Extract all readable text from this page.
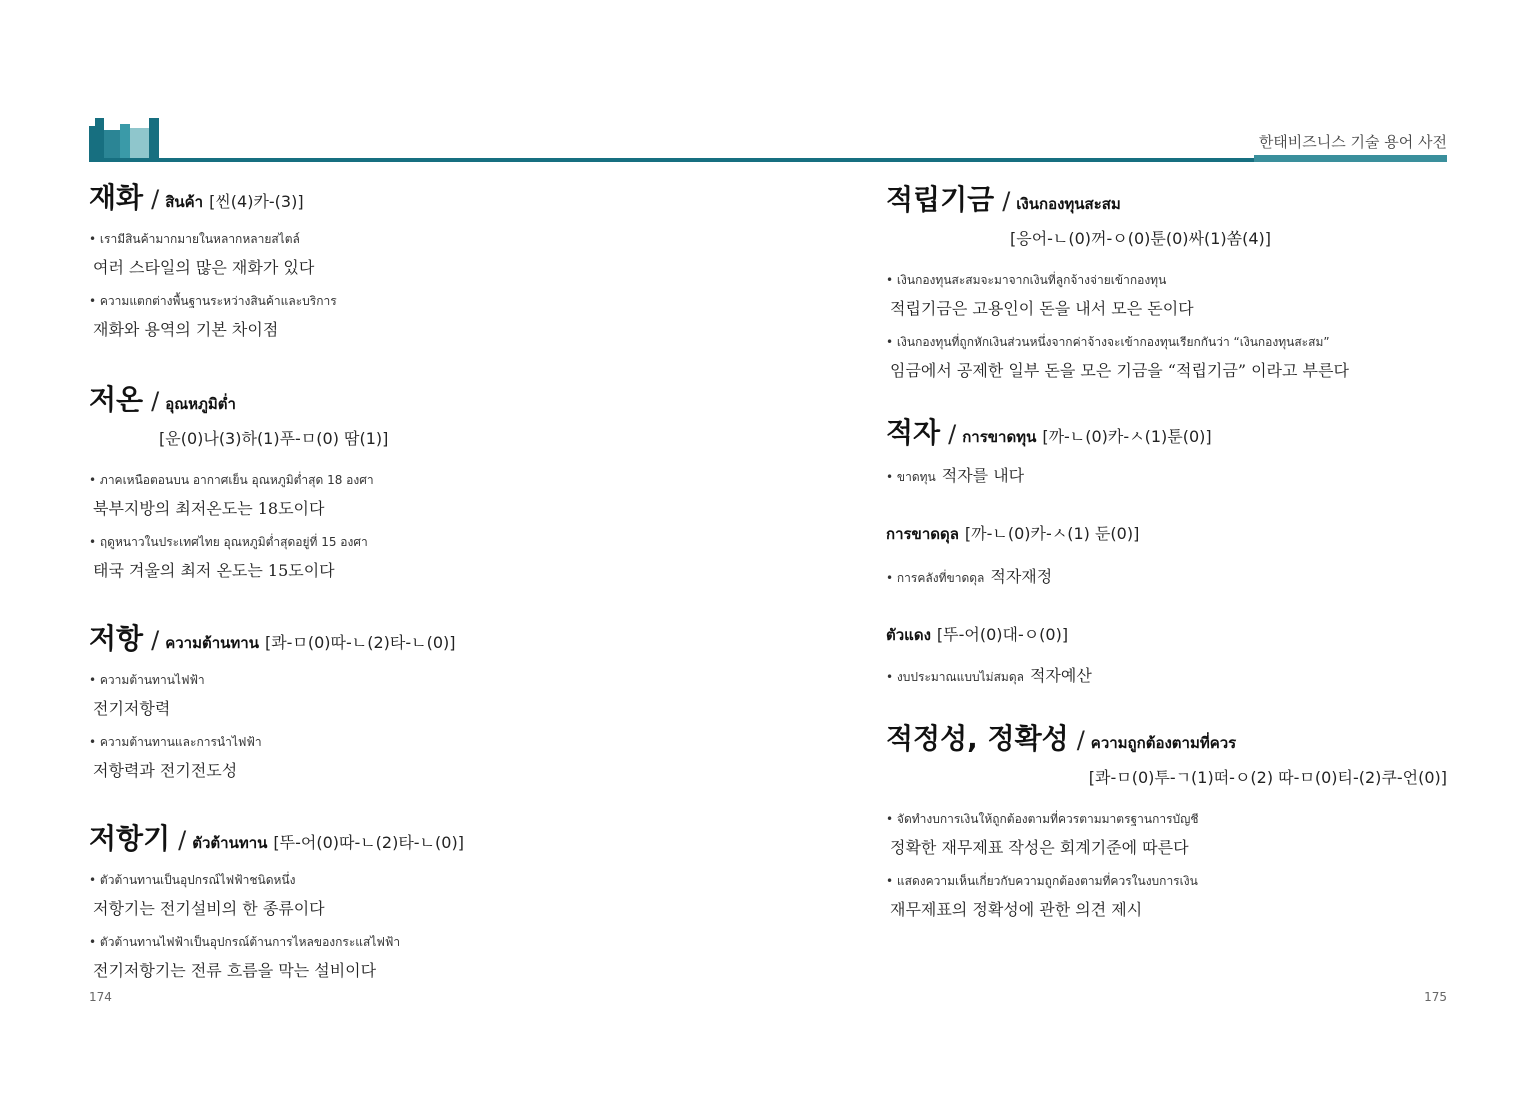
한태비즈니스 기술 용어 사전
재화 / สินค้า [씬(4)카-(3)]
• เรามีสินค้ามากมายในหลากหลายสไตล์
여러 스타일의 많은 재화가 있다
• ความแตกต่างพื้นฐานระหว่างสินค้าและบริการ
재화와 용역의 기본 차이점
저온 / อุณหภูมิต่ำ
[운(0)나(3)하(1)푸-ㅁ(0) 땀(1)]
• ภาคเหนือตอนบน อากาศเย็น อุณหภูมิต่ำสุด 18 องศา
북부지방의 최저온도는 18도이다
• ฤดูหนาวในประเทศไทย อุณหภูมิต่ำสุดอยู่ที่ 15 องศา
태국 겨울의 최저 온도는 15도이다
저항 / ความต้านทาน [콰-ㅁ(0)따-ㄴ(2)타-ㄴ(0)]
• ความต้านทานไฟฟ้า
전기저항력
• ความต้านทานและการนำไฟฟ้า
저항력과 전기전도성
저항기 / ตัวต้านทาน [뚜-어(0)따-ㄴ(2)타-ㄴ(0)]
• ตัวต้านทานเป็นอุปกรณ์ไฟฟ้าชนิดหนึ่ง
저항기는 전기설비의 한 종류이다
• ตัวต้านทานไฟฟ้าเป็นอุปกรณ์ต้านการไหลของกระแสไฟฟ้า
전기저항기는 전류 흐름을 막는 설비이다
적립기금 / เงินกองทุนสะสม
[응어-ㄴ(0)꺼-ㅇ(0)툰(0)싸(1)쏨(4)]
• เงินกองทุนสะสมจะมาจากเงินที่ลูกจ้างจ่ายเข้ากองทุน
적립기금은 고용인이 돈을 내서 모은 돈이다
• เงินกองทุนที่ถูกหักเงินส่วนหนึ่งจากค่าจ้างจะเข้ากองทุนเรียกกันว่า “เงินกองทุนสะสม”
임금에서 공제한 일부 돈을 모은 기금을 “적립기금” 이라고 부른다
적자 / การขาดทุน [까-ㄴ(0)카-ㅅ(1)툰(0)]
• ขาดทุน 적자를 내다
การขาดดุล [까-ㄴ(0)카-ㅅ(1) 둔(0)]
• การคลังที่ขาดดุล 적자재정
ตัวแดง [뚜-어(0)대-ㅇ(0)]
• งบประมาณแบบไม่สมดุล 적자예산
적정성, 정확성 / ความถูกต้องตามที่ควร
[콰-ㅁ(0)투-ㄱ(1)떠-ㅇ(2) 따-ㅁ(0)티-(2)쿠-언(0)]
• จัดทำงบการเงินให้ถูกต้องตามที่ควรตามมาตรฐานการบัญชี
정확한 재무제표 작성은 회계기준에 따른다
• แสดงความเห็นเกี่ยวกับความถูกต้องตามที่ควรในงบการเงิน
재무제표의 정확성에 관한 의견 제시
174	175
